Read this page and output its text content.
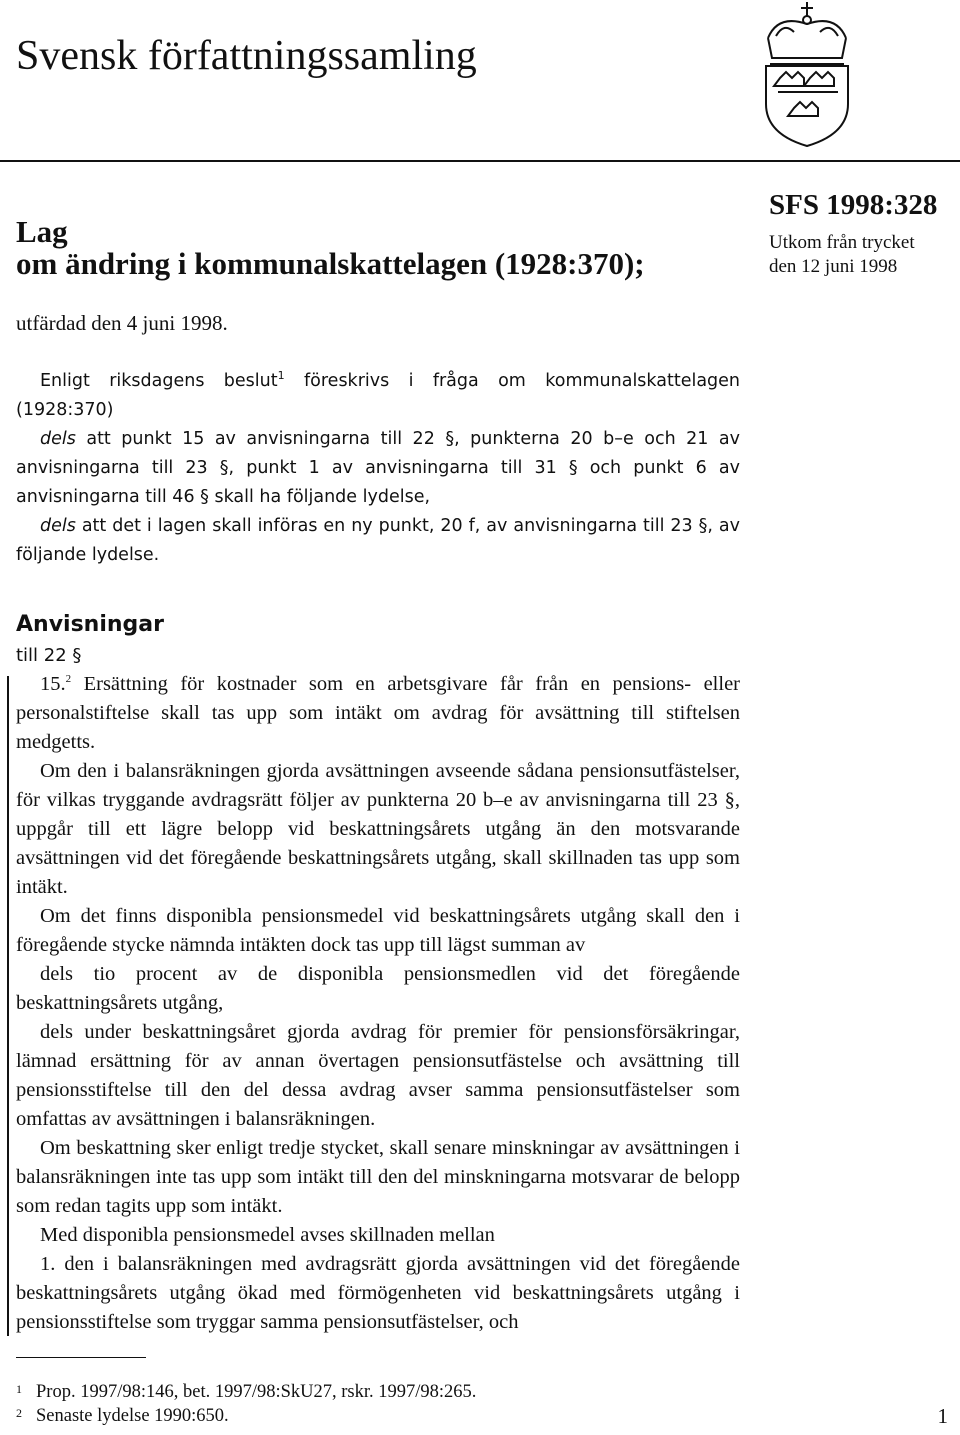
Svensk författningssamling
Lag
om ändring i kommunalskattelagen (1928:370);
SFS 1998:328
Utkom från trycket
den 12 juni 1998
utfärdad den 4 juni 1998.
Enligt riksdagens beslut$^1$ föreskrivs i fråga om kommunalskattelagen (1928:370)
dels att punkt 15 av anvisningarna till 22 §, punkterna 20 b–e och 21 av anvisningarna till 23 §, punkt 1 av anvisningarna till 31 § och punkt 6 av anvisningarna till 46 § skall ha följande lydelse,
dels att det i lagen skall införas en ny punkt, 20 f, av anvisningarna till 23 §, av följande lydelse.
Anvisningar
till 22 §
15.$^2$ Ersättning för kostnader som en arbetsgivare får från en pensions- eller personalstiftelse skall tas upp som intäkt om avdrag för avsättning till stiftelsen medgetts.
Om den i balansräkningen gjorda avsättningen avseende sådana pensionsutfästelser, för vilkas tryggande avdragsrätt följer av punkterna 20 b–e av anvisningarna till 23 §, uppgår till ett lägre belopp vid beskattningsårets utgång än den motsvarande avsättningen vid det föregående beskattningsårets utgång, skall skillnaden tas upp som intäkt.
Om det finns disponibla pensionsmedel vid beskattningsårets utgång skall den i föregående stycke nämnda intäkten dock tas upp till lägst summan av
dels tio procent av de disponibla pensionsmedlen vid det föregående beskattningsårets utgång,
dels under beskattningsåret gjorda avdrag för premier för pensionsförsäkringar, lämnad ersättning för av annan övertagen pensionsutfästelse och avsättning till pensionsstiftelse till den del dessa avdrag avser samma pensionsutfästelser som omfattas av avsättningen i balansräkningen.
Om beskattning sker enligt tredje stycket, skall senare minskningar av avsättningen i balansräkningen inte tas upp som intäkt till den del minskningarna motsvarar de belopp som redan tagits upp som intäkt.
Med disponibla pensionsmedel avses skillnaden mellan
1. den i balansräkningen med avdragsrätt gjorda avsättningen vid det föregående beskattningsårets utgång ökad med förmögenheten vid beskattningsårets utgång i pensionsstiftelse som tryggar samma pensionsutfästelser, och
1 Prop. 1997/98:146, bet. 1997/98:SkU27, rskr. 1997/98:265.
2 Senaste lydelse 1990:650.	1
